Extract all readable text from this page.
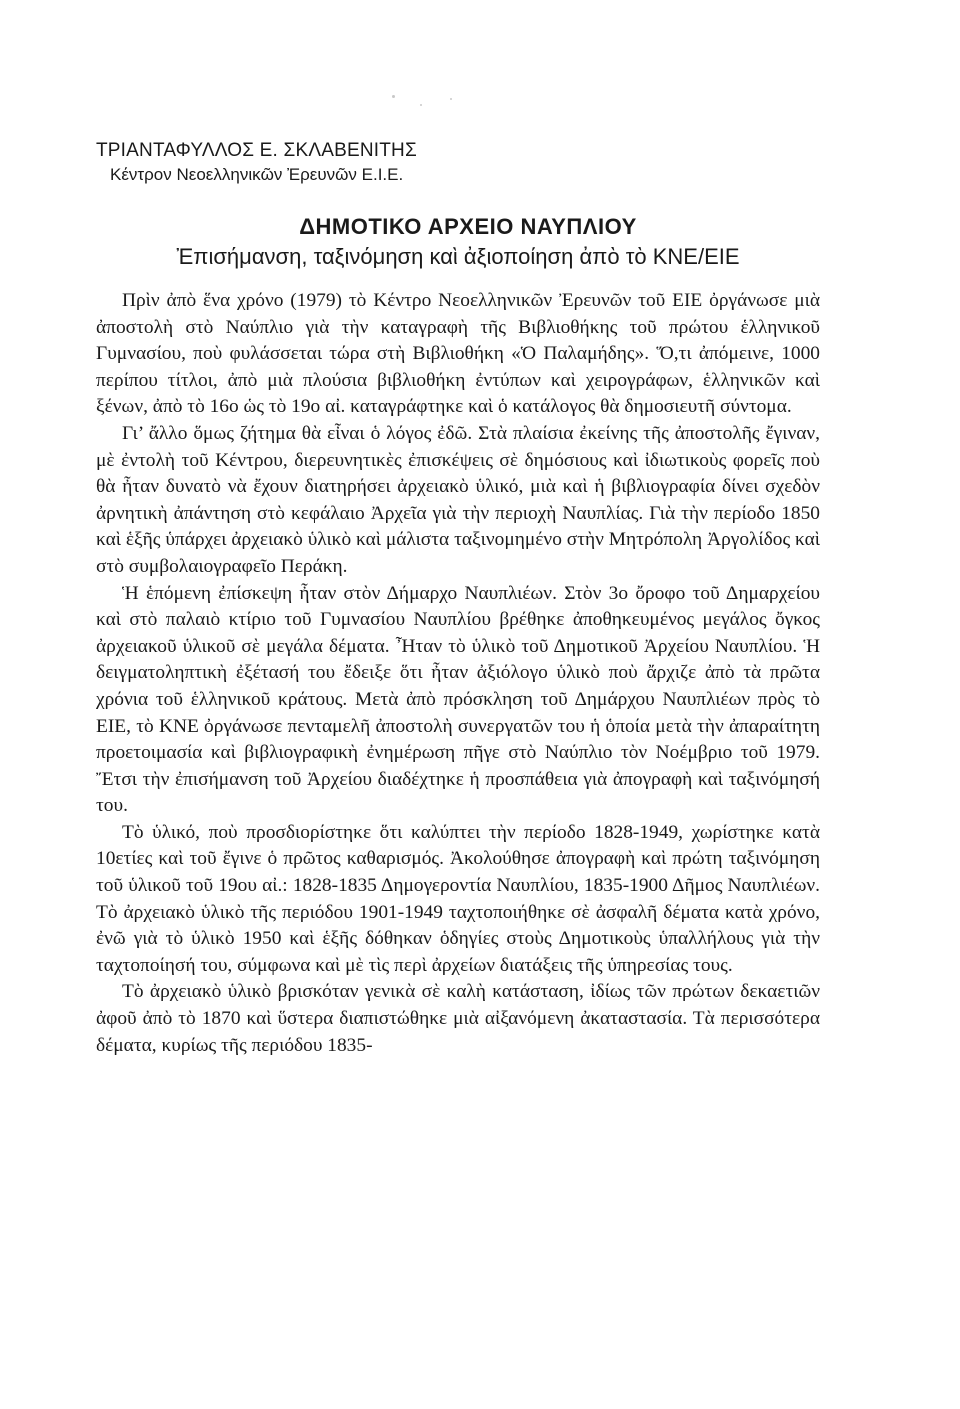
ΤΡΙΑΝΤΑΦΥΛΛΟΣ Ε. ΣΚΛΑΒΕΝΙΤΗΣ
Κέντρον Νεοελληνικῶν Ἐρευνῶν Ε.Ι.Ε.
ΔΗΜΟΤΙΚΟ ΑΡΧΕΙΟ ΝΑΥΠΛΙΟΥ
Ἐπισήμανση, ταξινόμηση καὶ ἀξιοποίηση ἀπὸ τὸ ΚΝΕ/ΕΙΕ

Πρὶν ἀπὸ ἕνα χρόνο (1979) τὸ Κέντρο Νεοελληνικῶν Ἐρευνῶν τοῦ ΕΙΕ ὀργάνωσε μιὰ ἀποστολὴ στὸ Ναύπλιο γιὰ τὴν καταγραφὴ τῆς Βιβλιοθήκης τοῦ πρώτου ἑλληνικοῦ Γυμνασίου, ποὺ φυλάσσεται τώρα στὴ Βιβλιοθήκη «Ὁ Παλαμήδης». Ὅ,τι ἀπόμεινε, 1000 περίπου τίτλοι, ἀπὸ μιὰ πλούσια βιβλιοθήκη ἐντύπων καὶ χειρογράφων, ἑλληνικῶν καὶ ξένων, ἀπὸ τὸ 16ο ὡς τὸ 19ο αἰ. καταγράφτηκε καὶ ὁ κατάλογος θὰ δημοσιευτῆ σύντομα.

Γι’ ἄλλο ὅμως ζήτημα θὰ εἶναι ὁ λόγος ἐδῶ. Στὰ πλαίσια ἐκείνης τῆς ἀποστολῆς ἔγιναν, μὲ ἐντολὴ τοῦ Κέντρου, διερευνητικὲς ἐπισκέψεις σὲ δημόσιους καὶ ἰδιωτικοὺς φορεῖς ποὺ θὰ ἦταν δυνατὸ νὰ ἔχουν διατηρήσει ἀρχειακὸ ὑλικό, μιὰ καὶ ἡ βιβλιογραφία δίνει σχεδὸν ἀρνητικὴ ἀπάντηση στὸ κεφάλαιο Ἀρχεῖα γιὰ τὴν περιοχὴ Ναυπλίας. Γιὰ τὴν περίοδο 1850 καὶ ἑξῆς ὑπάρχει ἀρχειακὸ ὑλικὸ καὶ μάλιστα ταξινομημένο στὴν Μητρόπολη Ἀργολίδος καὶ στὸ συμβολαιογραφεῖο Περάκη.

Ἡ ἑπόμενη ἐπίσκεψη ἦταν στὸν Δήμαρχο Ναυπλιέων. Στὸν 3ο ὄροφο τοῦ Δημαρχείου καὶ στὸ παλαιὸ κτίριο τοῦ Γυμνασίου Ναυπλίου βρέθηκε ἀποθηκευμένος μεγάλος ὄγκος ἀρχειακοῦ ὑλικοῦ σὲ μεγάλα δέματα. Ἦταν τὸ ὑλικὸ τοῦ Δημοτικοῦ Ἀρχείου Ναυπλίου. Ἡ δειγματοληπτικὴ ἐξέτασή του ἔδειξε ὅτι ἦταν ἀξιόλογο ὑλικὸ ποὺ ἄρχιζε ἀπὸ τὰ πρῶτα χρόνια τοῦ ἑλληνικοῦ κράτους. Μετὰ ἀπὸ πρόσκληση τοῦ Δημάρχου Ναυπλιέων πρὸς τὸ ΕΙΕ, τὸ ΚΝΕ ὀργάνωσε πενταμελῆ ἀποστολὴ συνεργατῶν του ἡ ὁποία μετὰ τὴν ἀπαραίτητη προετοιμασία καὶ βιβλιογραφικὴ ἐνημέρωση πῆγε στὸ Ναύπλιο τὸν Νοέμβριο τοῦ 1979. Ἔτσι τὴν ἐπισήμανση τοῦ Ἀρχείου διαδέχτηκε ἡ προσπάθεια γιὰ ἀπογραφὴ καὶ ταξινόμησή του.

Τὸ ὑλικό, ποὺ προσδιορίστηκε ὅτι καλύπτει τὴν περίοδο 1828-1949, χωρίστηκε κατὰ 10ετίες καὶ τοῦ ἔγινε ὁ πρῶτος καθαρισμός. Ἀκολούθησε ἀπογραφὴ καὶ πρώτη ταξινόμηση τοῦ ὑλικοῦ τοῦ 19ου αἰ.: 1828-1835 Δημογεροντία Ναυπλίου, 1835-1900 Δῆμος Ναυπλιέων. Τὸ ἀρχειακὸ ὑλικὸ τῆς περιόδου 1901-1949 ταχτοποιήθηκε σὲ ἀσφαλῆ δέματα κατὰ χρόνο, ἐνῶ γιὰ τὸ ὑλικὸ 1950 καὶ ἑξῆς δόθηκαν ὁδηγίες στοὺς Δημοτικοὺς ὑπαλλήλους γιὰ τὴν ταχτοποίησή του, σύμφωνα καὶ μὲ τὶς περὶ ἀρχείων διατάξεις τῆς ὑπηρεσίας τους.

Τὸ ἀρχειακὸ ὑλικὸ βρισκόταν γενικὰ σὲ καλὴ κατάσταση, ἰδίως τῶν πρώτων δεκαετιῶν ἀφοῦ ἀπὸ τὸ 1870 καὶ ὕστερα διαπιστώθηκε μιὰ αἰξανόμενη ἀκαταστασία. Τὰ περισσότερα δέματα, κυρίως τῆς περιόδου 1835-
